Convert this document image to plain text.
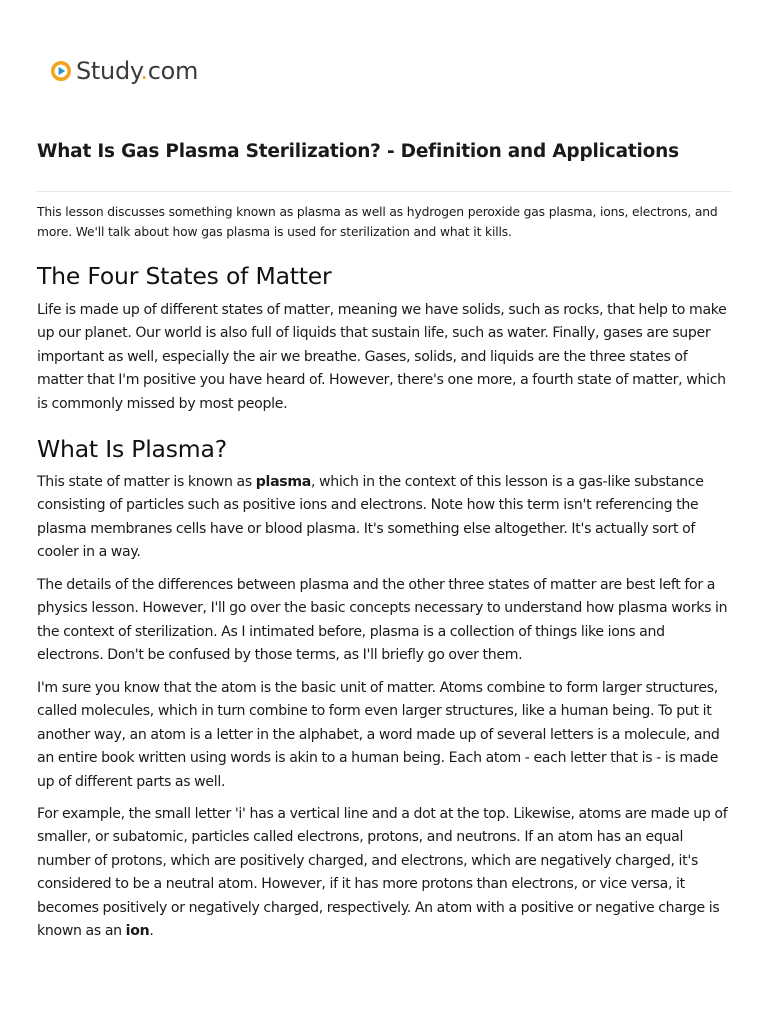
Study.com
What Is Gas Plasma Sterilization? - Definition and Applications

This lesson discusses something known as plasma as well as hydrogen peroxide gas plasma, ions, electrons, and more. We'll talk about how gas plasma is used for sterilization and what it kills.

The Four States of Matter

Life is made up of different states of matter, meaning we have solids, such as rocks, that help to make up our planet. Our world is also full of liquids that sustain life, such as water. Finally, gases are super important as well, especially the air we breathe. Gases, solids, and liquids are the three states of matter that I'm positive you have heard of. However, there's one more, a fourth state of matter, which is commonly missed by most people.

What Is Plasma?

This state of matter is known as plasma, which in the context of this lesson is a gas-like substance consisting of particles such as positive ions and electrons. Note how this term isn't referencing the plasma membranes cells have or blood plasma. It's something else altogether. It's actually sort of cooler in a way.

The details of the differences between plasma and the other three states of matter are best left for a physics lesson. However, I'll go over the basic concepts necessary to understand how plasma works in the context of sterilization. As I intimated before, plasma is a collection of things like ions and electrons. Don't be confused by those terms, as I'll briefly go over them.

I'm sure you know that the atom is the basic unit of matter. Atoms combine to form larger structures, called molecules, which in turn combine to form even larger structures, like a human being. To put it another way, an atom is a letter in the alphabet, a word made up of several letters is a molecule, and an entire book written using words is akin to a human being. Each atom - each letter that is - is made up of different parts as well.

For example, the small letter 'i' has a vertical line and a dot at the top. Likewise, atoms are made up of smaller, or subatomic, particles called electrons, protons, and neutrons. If an atom has an equal number of protons, which are positively charged, and electrons, which are negatively charged, it's considered to be a neutral atom. However, if it has more protons than electrons, or vice versa, it becomes positively or negatively charged, respectively. An atom with a positive or negative charge is known as an ion.
